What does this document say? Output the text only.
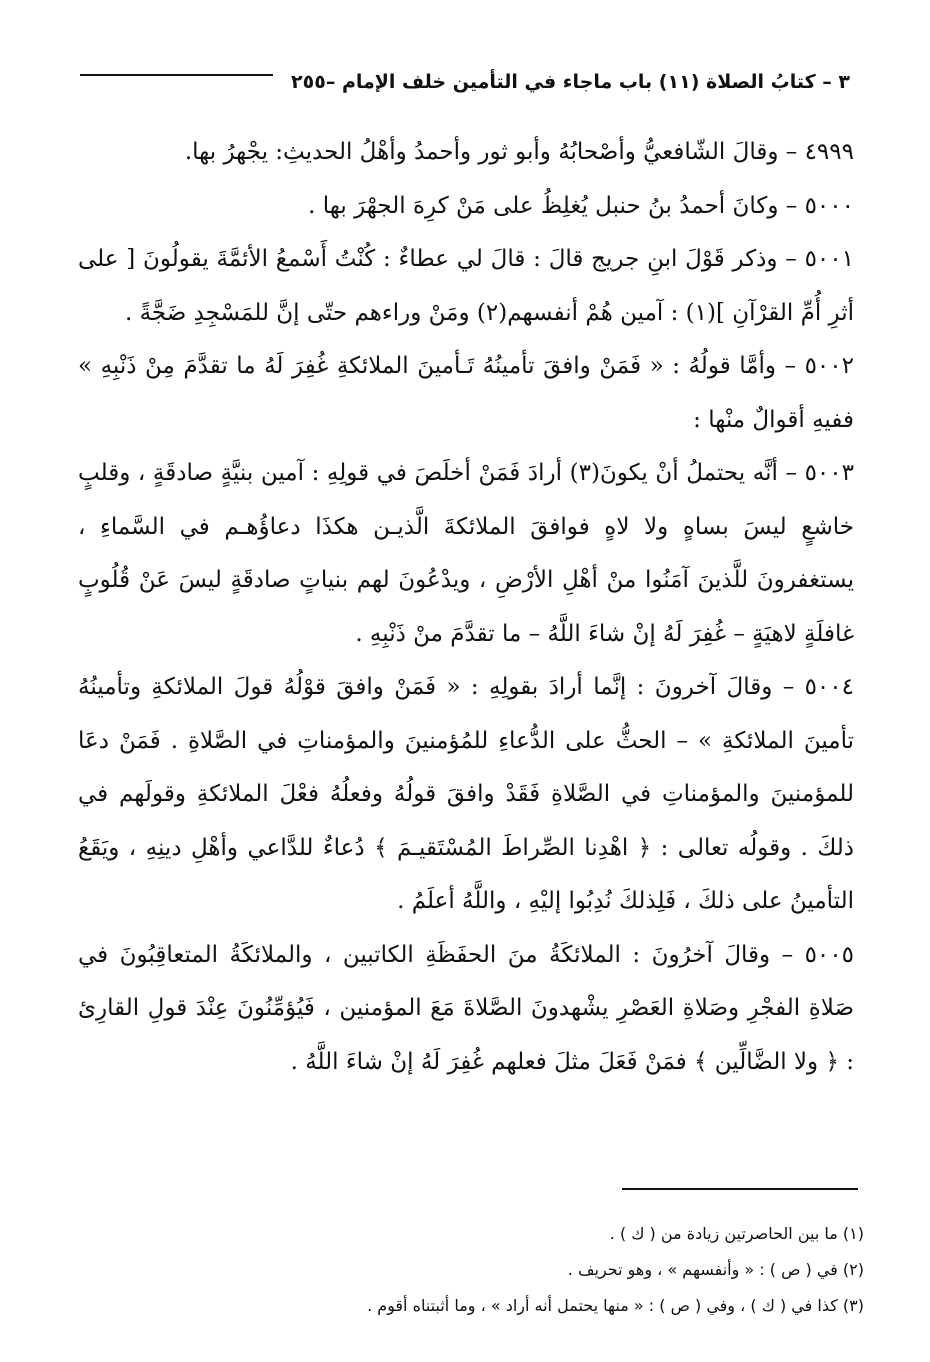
٣ – كتابُ الصلاة (١١) باب ماجاء في التأمين خلف الإمام –٢٥٥

٤٩٩٩ – وقالَ الشّافعيُّ وأصْحابُهُ وأبو ثور وأحمدُ وأهْلُ الحديثِ: يجْهرُ بها.

٥٠٠٠ – وكانَ أحمدُ بنُ حنبل يُغلِظُ على مَنْ كرِهَ الجهْرَ بها .

٥٠٠١ – وذكر قَوْلَ ابنِ جريج قالَ : قالَ لي عطاءٌ : كُنْتُ أَسْمعُ الأئمَّةَ يقولُونَ [ على أثرِ أُمِّ القرْآنِ ](١) : آمين هُمْ أنفسهم(٢) ومَنْ وراءهم حتّى إنَّ للمَسْجِدِ ضَجَّةً .

٥٠٠٢ – وأمَّا قولُهُ : « فَمَنْ وافقَ تأمينُهُ تَـأمينَ الملائكةِ غُفِرَ لَهُ ما تقدَّمَ مِنْ ذَنْبِهِ » ففيهِ أقوالٌ منْها :

٥٠٠٣ – أنَّه يحتملُ أنْ يكونَ(٣) أرادَ فَمَنْ أخلَصَ في قولِهِ : آمين بنيَّةٍ صادقَةٍ ، وقلبٍ خاشعٍ ليسَ بساهٍ ولا لاهٍ فوافقَ الملائكةَ الَّذيـن هكذَا دعاؤُهـم في السَّماءِ ، يستغفرونَ للَّذينَ آمَنُوا منْ أهْلِ الأرْضِ ، ويدْعُونَ لهم بنياتٍ صادقَةٍ ليسَ عَنْ قُلُوبٍ غافلَةٍ لاهيَةٍ – غُفِرَ لَهُ إنْ شاءَ اللَّهُ – ما تقدَّمَ منْ ذَنْبِهِ .

٥٠٠٤ – وقالَ آخرونَ : إنَّما أرادَ بقولِهِ : « فَمَنْ وافقَ قوْلُهُ قولَ الملائكةِ وتأمينُهُ تأمينَ الملائكةِ » – الحثُّ على الدُّعاءِ للمُؤمنينَ والمؤمناتِ في الصَّلاةِ . فَمَنْ دعَا للمؤمنينَ والمؤمناتِ في الصَّلاةِ فَقَدْ وافقَ قولُهُ وفعلُهُ فعْلَ الملائكةِ وقولَهم في ذلكَ . وقولُه تعالى : ﴿ اهْدِنا الصِّراطَ المُسْتَقيـمَ ﴾ دُعاءٌ للدَّاعي وأهْلِ دينِهِ ، ويَقَعُ التأمينُ على ذلكَ ، فَلِذلكَ نُدِبُوا إليْهِ ، واللَّهُ أعلَمُ .

٥٠٠٥ – وقالَ آخرُونَ : الملائكَةُ منَ الحفَظَةِ الكاتبين ، والملائكَةُ المتعاقِبُونَ في صَلاةِ الفجْرِ وصَلاةِ العَصْرِ يشْهدونَ الصَّلاةَ مَعَ المؤمنين ، فَيُؤمِّنُونَ عِنْدَ قولِ القارِئ : ﴿ ولا الضَّالِّين ﴾ فمَنْ فَعَلَ مثلَ فعلهم غُفِرَ لَهُ إنْ شاءَ اللَّهُ .

(١) ما بين الحاصرتين زيادة من ( ك ) .

(٢) في ( ص ) : « وأنفسهم » ، وهو تحريف .

(٣) كذا في ( ك ) ، وفي ( ص ) : « منها يحتمل أنه أراد » ، وما أثبتناه أقوم .
